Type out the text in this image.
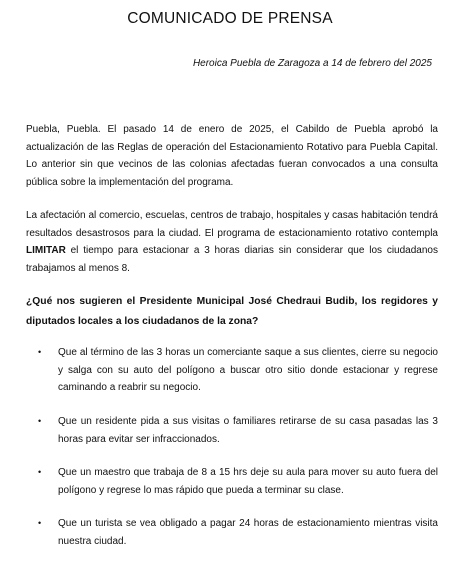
COMUNICADO DE PRENSA
Heroica Puebla de Zaragoza a 14 de febrero del 2025

Puebla, Puebla. El pasado 14 de enero de 2025, el Cabildo de Puebla aprobó la actualización de las Reglas de operación del Estacionamiento Rotativo para Puebla Capital. Lo anterior sin que vecinos de las colonias afectadas fueran convocados a una consulta pública sobre la implementación del programa.

La afectación al comercio, escuelas, centros de trabajo, hospitales y casas habitación tendrá resultados desastrosos para la ciudad. El programa de estacionamiento rotativo contempla LIMITAR el tiempo para estacionar a 3 horas diarias sin considerar que los ciudadanos trabajamos al menos 8.

¿Qué nos sugieren el Presidente Municipal José Chedraui Budib, los regidores y diputados locales a los ciudadanos de la zona?

• Que al término de las 3 horas un comerciante saque a sus clientes, cierre su negocio y salga con su auto del polígono a buscar otro sitio donde estacionar y regrese caminando a reabrir su negocio.
• Que un residente pida a sus visitas o familiares retirarse de su casa pasadas las 3 horas para evitar ser infraccionados.
• Que un maestro que trabaja de 8 a 15 hrs deje su aula para mover su auto fuera del polígono y regrese lo mas rápido que pueda a terminar su clase.
• Que un turista se vea obligado a pagar 24 horas de estacionamiento mientras visita nuestra ciudad.
